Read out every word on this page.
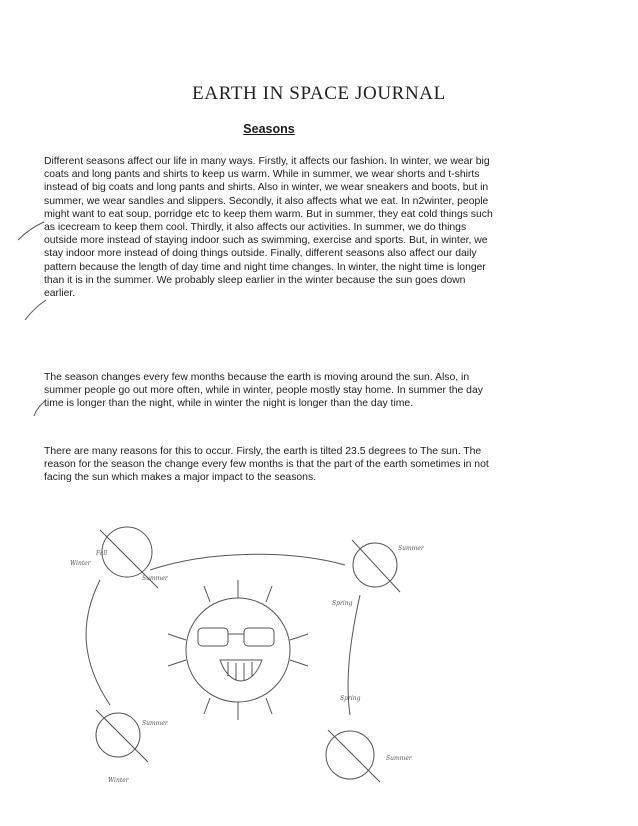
EARTH IN SPACE JOURNAL
Seasons

Different seasons affect our life in many ways. Firstly, it affects our fashion. In winter, we wear big coats and long pants and shirts to keep us warm. While in summer, we wear shorts and t-shirts instead of big coats and long pants and shirts. Also in winter, we wear sneakers and boots, but in summer, we wear sandles and slippers. Secondly, it also affects what we eat. In n2winter, people might want to eat soup, porridge etc to keep them warm. But in summer, they eat cold things such as icecream to keep them cool. Thirdly, it also affects our activities. In summer, we do things outside more instead of staying indoor such as swimming, exercise and sports. But, in winter, we stay indoor more instead of doing things outside. Finally, different seasons also affect our daily pattern because the length of day time and night time changes. In winter, the night time is longer than it is in the summer. We probably sleep earlier in the winter because the sun goes down earlier.

The season changes every few months because the earth is moving around the sun. Also, in summer people go out more often, while in winter, people mostly stay home. In summer the day time is longer than the night, while in winter the night is longer than the day time.

There are many reasons for this to occur. Firsly, the earth is tilted 23.5 degrees to The sun. The reason for the season the change every few months is that the part of the earth sometimes in not facing the sun which makes a major impact to the seasons.

Winter
Fall
Summer
Spring
Summer
Winter
Summer
Spring
Summer
